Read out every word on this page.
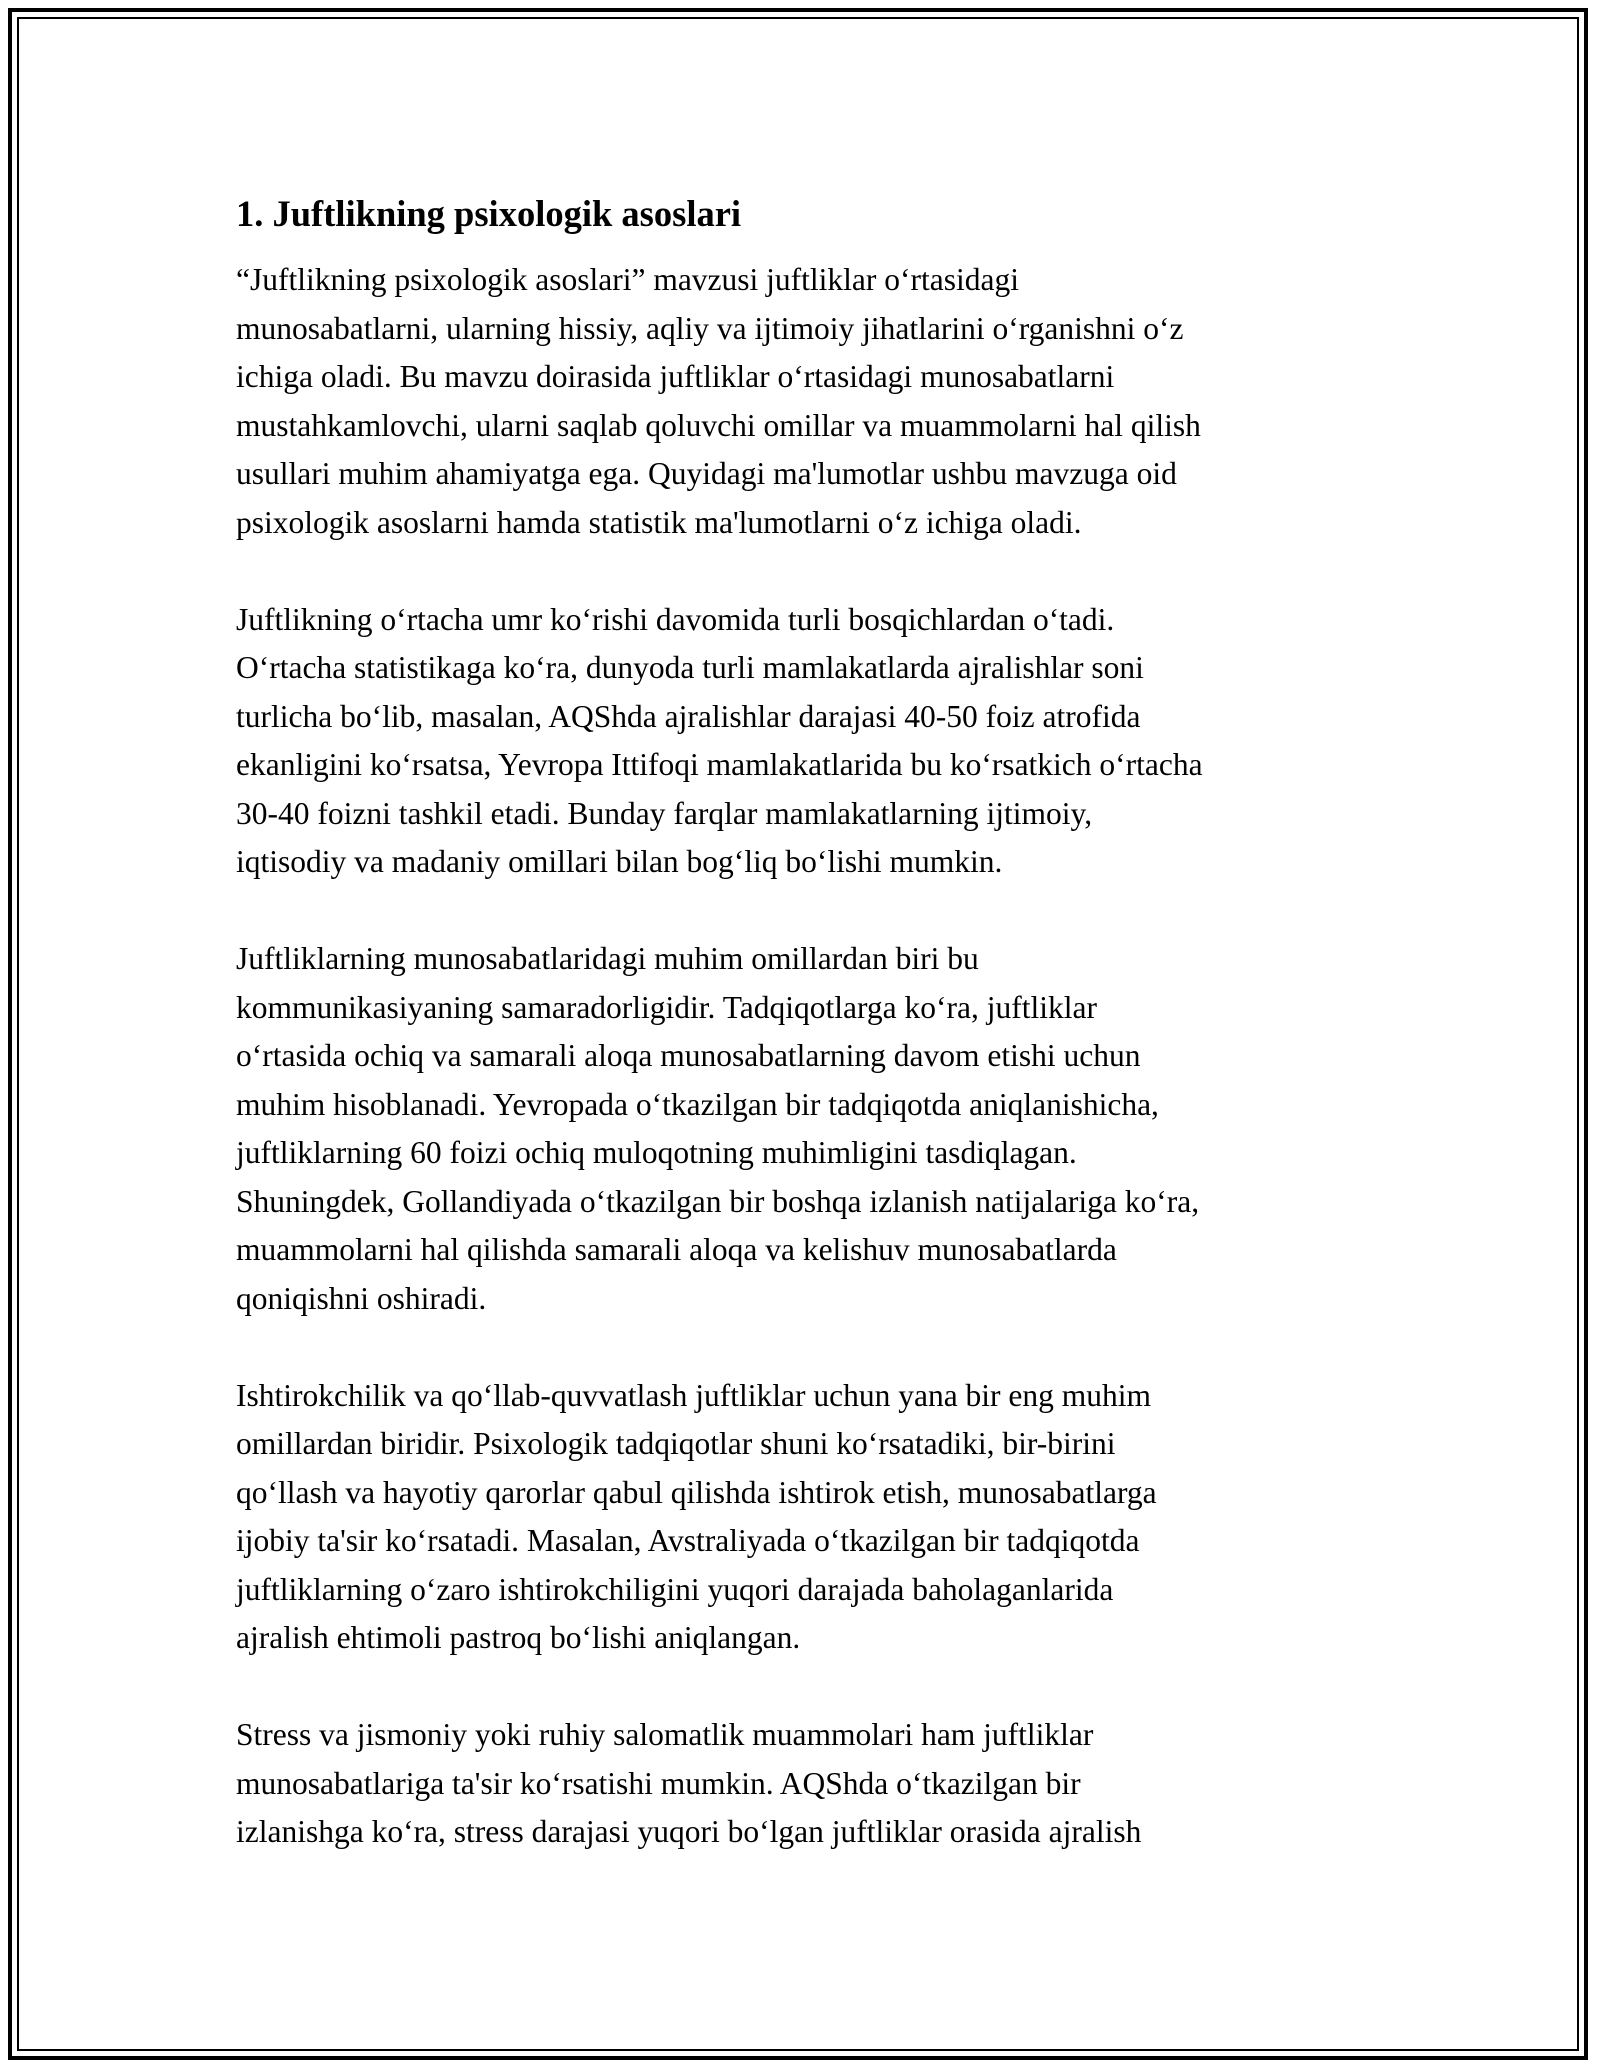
1. Juftlikning psixologik asoslari
“Juftlikning psixologik asoslari” mavzusi juftliklar o‘rtasidagi
munosabatlarni, ularning hissiy, aqliy va ijtimoiy jihatlarini o‘rganishni o‘z
ichiga oladi. Bu mavzu doirasida juftliklar o‘rtasidagi munosabatlarni
mustahkamlovchi, ularni saqlab qoluvchi omillar va muammolarni hal qilish
usullari muhim ahamiyatga ega. Quyidagi ma'lumotlar ushbu mavzuga oid
psixologik asoslarni hamda statistik ma'lumotlarni o‘z ichiga oladi.
Juftlikning o‘rtacha umr ko‘rishi davomida turli bosqichlardan o‘tadi.
O‘rtacha statistikaga ko‘ra, dunyoda turli mamlakatlarda ajralishlar soni
turlicha bo‘lib, masalan, AQShda ajralishlar darajasi 40-50 foiz atrofida
ekanligini ko‘rsatsa, Yevropa Ittifoqi mamlakatlarida bu ko‘rsatkich o‘rtacha
30-40 foizni tashkil etadi. Bunday farqlar mamlakatlarning ijtimoiy,
iqtisodiy va madaniy omillari bilan bog‘liq bo‘lishi mumkin.
Juftliklarning munosabatlaridagi muhim omillardan biri bu
kommunikasiyaning samaradorligidir. Tadqiqotlarga ko‘ra, juftliklar
o‘rtasida ochiq va samarali aloqa munosabatlarning davom etishi uchun
muhim hisoblanadi. Yevropada o‘tkazilgan bir tadqiqotda aniqlanishicha,
juftliklarning 60 foizi ochiq muloqotning muhimligini tasdiqlagan.
Shuningdek, Gollandiyada o‘tkazilgan bir boshqa izlanish natijalariga ko‘ra,
muammolarni hal qilishda samarali aloqa va kelishuv munosabatlarda
qoniqishni oshiradi.
Ishtirokchilik va qo‘llab-quvvatlash juftliklar uchun yana bir eng muhim
omillardan biridir. Psixologik tadqiqotlar shuni ko‘rsatadiki, bir-birini
qo‘llash va hayotiy qarorlar qabul qilishda ishtirok etish, munosabatlarga
ijobiy ta'sir ko‘rsatadi. Masalan, Avstraliyada o‘tkazilgan bir tadqiqotda
juftliklarning o‘zaro ishtirokchiligini yuqori darajada baholaganlarida
ajralish ehtimoli pastroq bo‘lishi aniqlangan.
Stress va jismoniy yoki ruhiy salomatlik muammolari ham juftliklar
munosabatlariga ta'sir ko‘rsatishi mumkin. AQShda o‘tkazilgan bir
izlanishga ko‘ra, stress darajasi yuqori bo‘lgan juftliklar orasida ajralish
